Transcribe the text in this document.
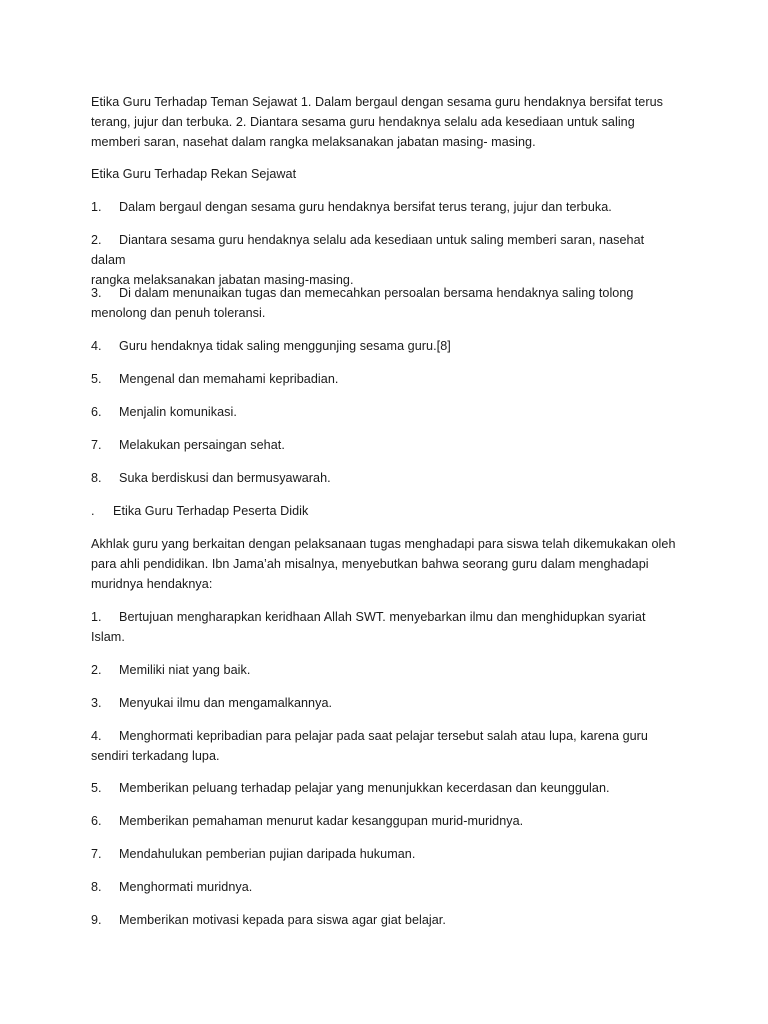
Etika Guru Terhadap Teman Sejawat 1. Dalam bergaul dengan sesama guru hendaknya bersifat terus
terang, jujur dan terbuka. 2. Diantara sesama guru hendaknya selalu ada kesediaan untuk saling
memberi saran, nasehat dalam rangka melaksanakan jabatan masing- masing.

Etika Guru Terhadap Rekan Sejawat

1. Dalam bergaul dengan sesama guru hendaknya bersifat terus terang, jujur dan terbuka.

2. Diantara sesama guru hendaknya selalu ada kesediaan untuk saling memberi saran, nasehat dalam
rangka melaksanakan jabatan masing-masing.

3. Di dalam menunaikan tugas dan memecahkan persoalan bersama hendaknya saling tolong
menolong dan penuh toleransi.

4. Guru hendaknya tidak saling menggunjing sesama guru.[8]

5. Mengenal dan memahami kepribadian.

6. Menjalin komunikasi.

7. Melakukan persaingan sehat.

8. Suka berdiskusi dan bermusyawarah.

. Etika Guru Terhadap Peserta Didik

Akhlak guru yang berkaitan dengan pelaksanaan tugas menghadapi para siswa telah dikemukakan oleh
para ahli pendidikan. Ibn Jama’ah misalnya, menyebutkan bahwa seorang guru dalam menghadapi
muridnya hendaknya:

1. Bertujuan mengharapkan keridhaan Allah SWT. menyebarkan ilmu dan menghidupkan syariat
Islam.

2. Memiliki niat yang baik.

3. Menyukai ilmu dan mengamalkannya.

4. Menghormati kepribadian para pelajar pada saat pelajar tersebut salah atau lupa, karena guru
sendiri terkadang lupa.

5. Memberikan peluang terhadap pelajar yang menunjukkan kecerdasan dan keunggulan.

6. Memberikan pemahaman menurut kadar kesanggupan murid-muridnya.

7. Mendahulukan pemberian pujian daripada hukuman.

8. Menghormati muridnya.

9. Memberikan motivasi kepada para siswa agar giat belajar.
